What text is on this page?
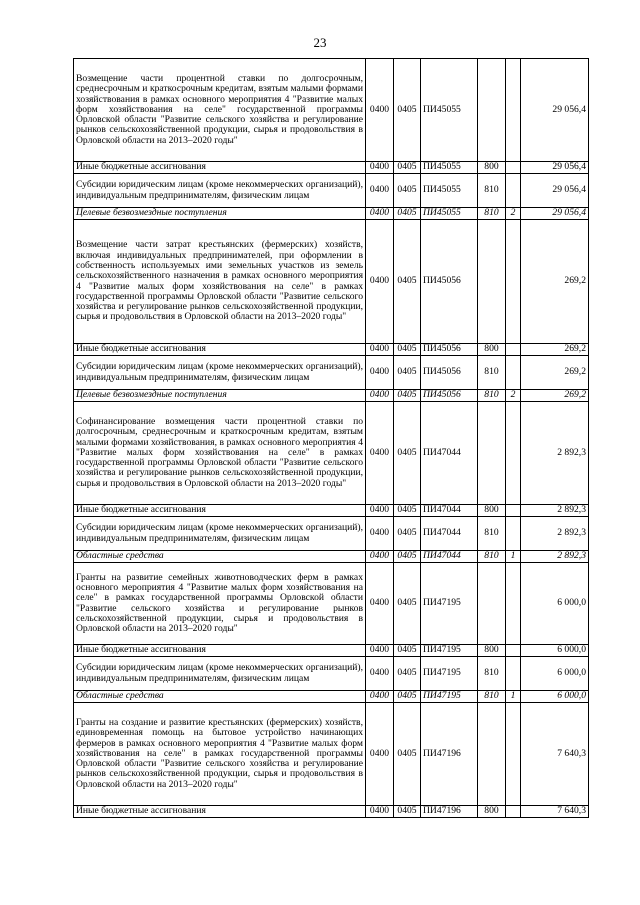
23
Возмещение части процентной ставки по долгосрочным, среднесрочным и краткосрочным кредитам, взятым малыми формами хозяйствования в рамках основного мероприятия 4 "Развитие малых форм хозяйствования на селе" государственной программы Орловской области "Развитие сельского хозяйства и регулирование рынков сельскохозяйственной продукции, сырья и продовольствия в Орловской области на 2013–2020 годы"	0400	0405	ПИ45055			29 056,4
Иные бюджетные ассигнования	0400	0405	ПИ45055	800		29 056,4
Субсидии юридическим лицам (кроме некоммерческих организаций), индивидуальным предпринимателям, физическим лицам	0400	0405	ПИ45055	810		29 056,4
Целевые безвозмездные поступления	0400	0405	ПИ45055	810	2	29 056,4
Возмещение части затрат крестьянских (фермерских) хозяйств, включая индивидуальных предпринимателей, при оформлении в собственность используемых ими земельных участков из земель сельскохозяйственного назначения в рамках основного мероприятия 4 "Развитие малых форм хозяйствования на селе" в рамках государственной программы Орловской области "Развитие сельского хозяйства и регулирование рынков сельскохозяйственной продукции, сырья и продовольствия в Орловской области на 2013–2020 годы"	0400	0405	ПИ45056			269,2
Иные бюджетные ассигнования	0400	0405	ПИ45056	800		269,2
Субсидии юридическим лицам (кроме некоммерческих организаций), индивидуальным предпринимателям, физическим лицам	0400	0405	ПИ45056	810		269,2
Целевые безвозмездные поступления	0400	0405	ПИ45056	810	2	269,2
Софинансирование возмещения части процентной ставки по долгосрочным, среднесрочным и краткосрочным кредитам, взятым малыми формами хозяйствования, в рамках основного мероприятия 4 "Развитие малых форм хозяйствования на селе" в рамках государственной программы Орловской области "Развитие сельского хозяйства и регулирование рынков сельскохозяйственной продукции, сырья и продовольствия в Орловской области на 2013–2020 годы"	0400	0405	ПИ47044			2 892,3
Иные бюджетные ассигнования	0400	0405	ПИ47044	800		2 892,3
Субсидии юридическим лицам (кроме некоммерческих организаций), индивидуальным предпринимателям, физическим лицам	0400	0405	ПИ47044	810		2 892,3
Областные средства	0400	0405	ПИ47044	810	1	2 892,3
Гранты на развитие семейных животноводческих ферм в рамках основного мероприятия 4 "Развитие малых форм хозяйствования на селе" в рамках государственной программы Орловской области "Развитие сельского хозяйства и регулирование рынков сельскохозяйственной продукции, сырья и продовольствия в Орловской области на 2013–2020 годы"	0400	0405	ПИ47195			6 000,0
Иные бюджетные ассигнования	0400	0405	ПИ47195	800		6 000,0
Субсидии юридическим лицам (кроме некоммерческих организаций), индивидуальным предпринимателям, физическим лицам	0400	0405	ПИ47195	810		6 000,0
Областные средства	0400	0405	ПИ47195	810	1	6 000,0
Гранты на создание и развитие крестьянских (фермерских) хозяйств, единовременная помощь на бытовое устройство начинающих фермеров в рамках основного мероприятия 4 "Развитие малых форм хозяйствования на селе" в рамках государственной программы Орловской области "Развитие сельского хозяйства и регулирование рынков сельскохозяйственной продукции, сырья и продовольствия в Орловской области на 2013–2020 годы"	0400	0405	ПИ47196			7 640,3
Иные бюджетные ассигнования	0400	0405	ПИ47196	800		7 640,3
